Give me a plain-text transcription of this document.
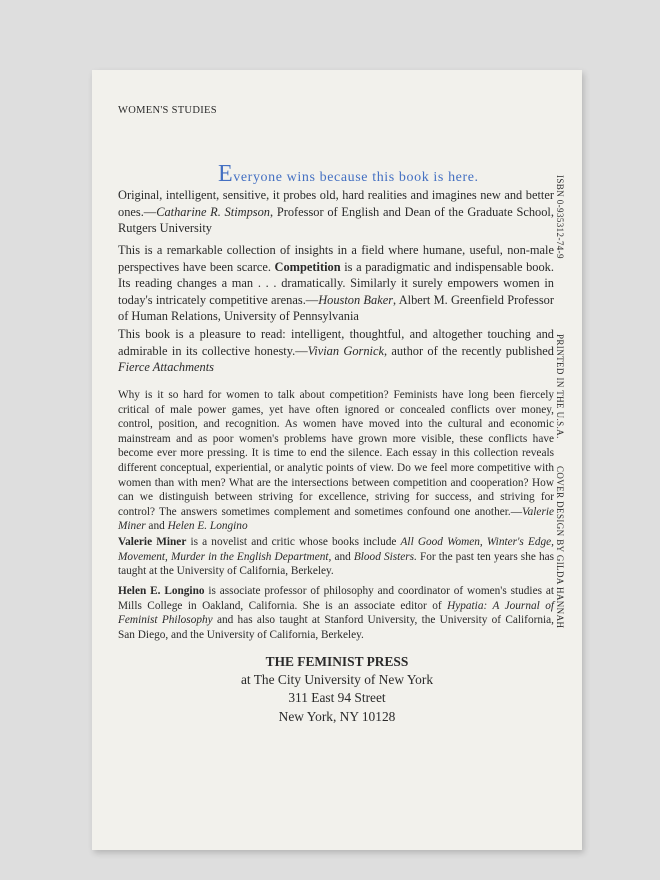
WOMEN'S STUDIES

Everyone wins because this book is here.

Original, intelligent, sensitive, it probes old, hard realities and imagines new and better ones.—Catharine R. Stimpson, Professor of English and Dean of the Graduate School, Rutgers University

This is a remarkable collection of insights in a field where humane, useful, non-male perspectives have been scarce. Competition is a paradigmatic and indispensable book. Its reading changes a man . . . dramatically. Similarly it surely empowers women in today's intricately competitive arenas.—Houston Baker, Albert M. Greenfield Professor of Human Relations, University of Pennsylvania

This book is a pleasure to read: intelligent, thoughtful, and altogether touching and admirable in its collective honesty.—Vivian Gornick, author of the recently published Fierce Attachments

Why is it so hard for women to talk about competition? Feminists have long been fiercely critical of male power games, yet have often ignored or concealed conflicts over money, control, position, and recognition. As women have moved into the cultural and economic mainstream and as poor women's problems have grown more visible, these conflicts have become ever more pressing. It is time to end the silence. Each essay in this collection reveals different conceptual, experiential, or analytic points of view. Do we feel more competitive with women than with men? What are the intersections between competition and cooperation? How can we distinguish between striving for excellence, striving for success, and striving for control? The answers sometimes complement and sometimes confound one another.—Valerie Miner and Helen E. Longino

Valerie Miner is a novelist and critic whose books include All Good Women, Winter's Edge, Movement, Murder in the English Department, and Blood Sisters. For the past ten years she has taught at the University of California, Berkeley.

Helen E. Longino is associate professor of philosophy and coordinator of women's studies at Mills College in Oakland, California. She is an associate editor of Hypatia: A Journal of Feminist Philosophy and has also taught at Stanford University, the University of California, San Diego, and the University of California, Berkeley.

THE FEMINIST PRESS
at The City University of New York
311 East 94 Street
New York, NY 10128
ISBN 0-935312-74-9
PRINTED IN THE U.S.A.
COVER DESIGN BY GILDA HANNAH
